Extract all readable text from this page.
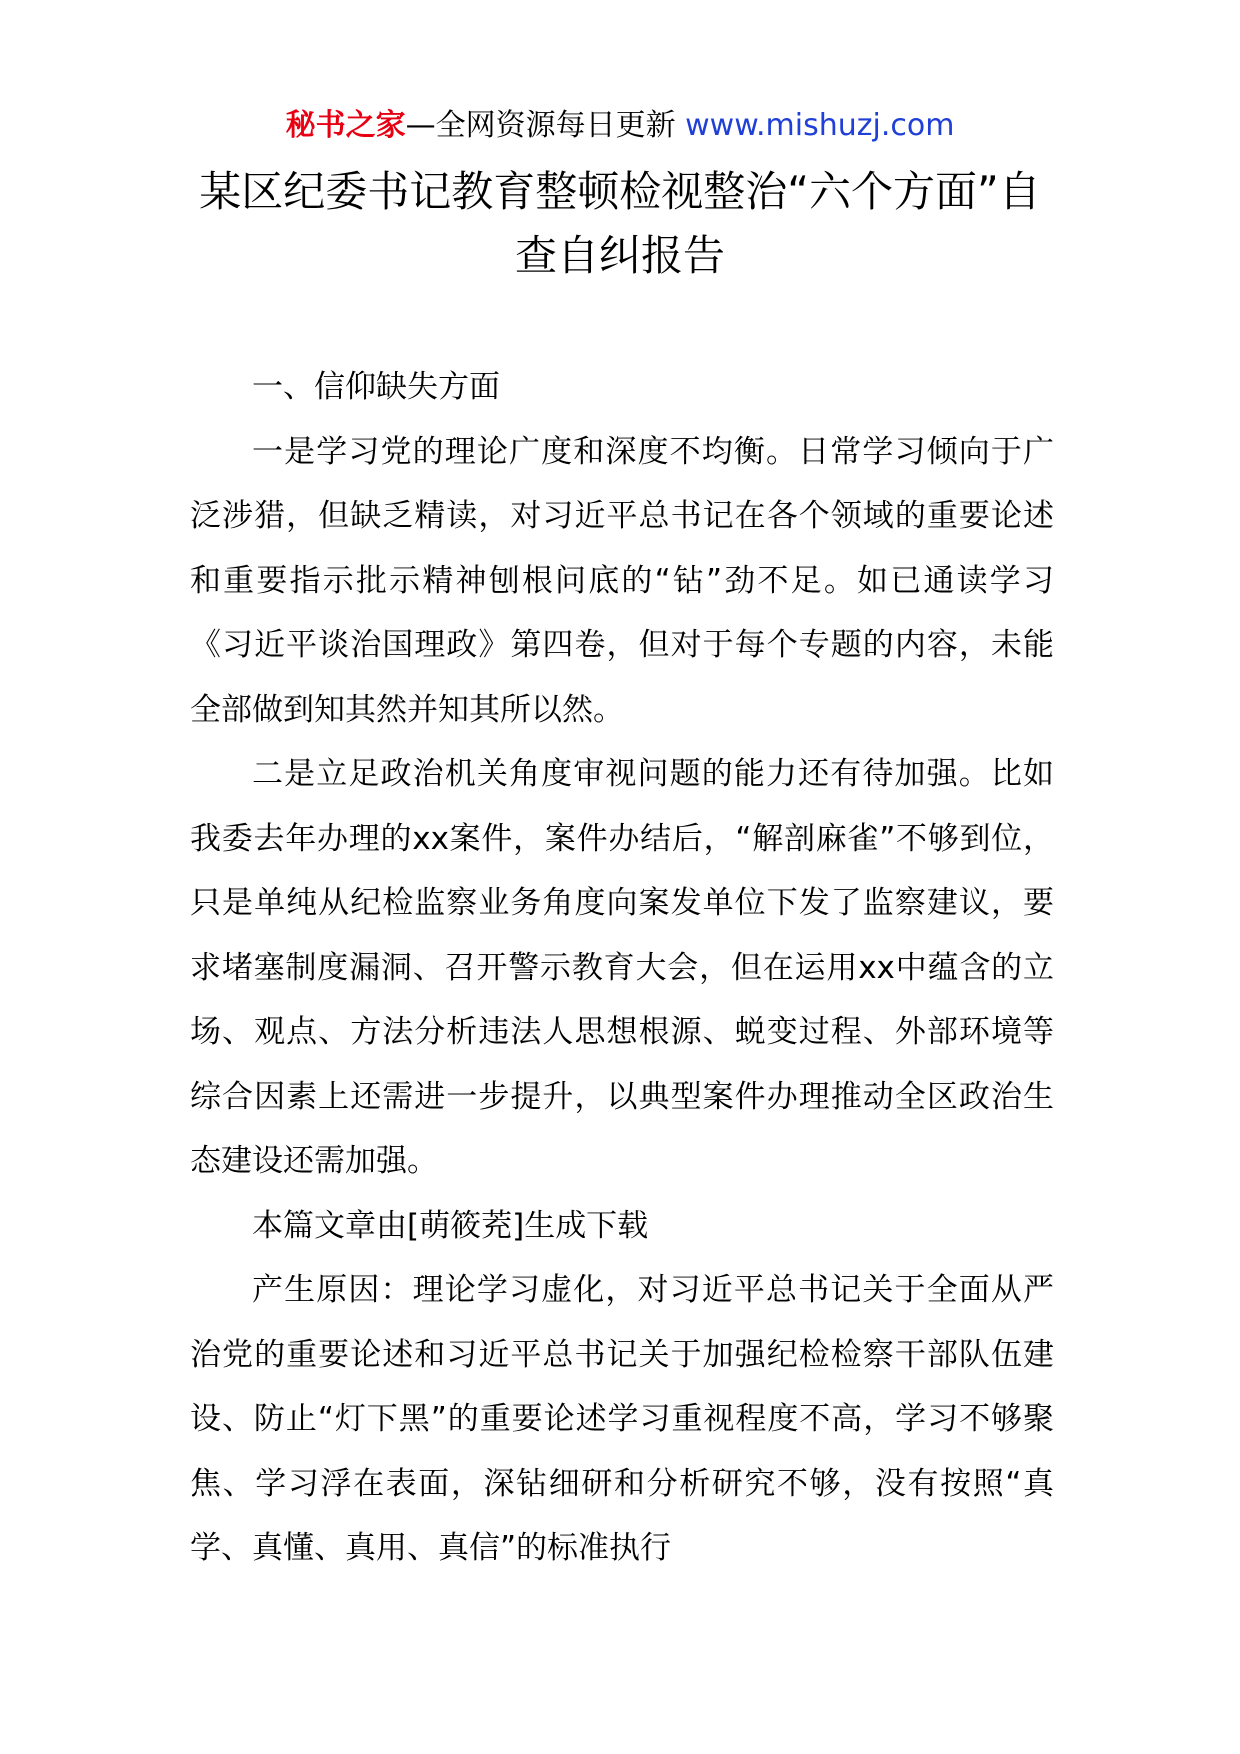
秘书之家—全网资源每日更新 www.mishuzj.com
某区纪委书记教育整顿检视整治“六个方面”自查自纠报告

一、信仰缺失方面

一是学习党的理论广度和深度不均衡。日常学习倾向于广泛涉猎，但缺乏精读，对习近平总书记在各个领域的重要论述和重要指示批示精神刨根问底的“钻”劲不足。如已通读学习《习近平谈治国理政》第四卷，但对于每个专题的内容，未能全部做到知其然并知其所以然。

二是立足政治机关角度审视问题的能力还有待加强。比如我委去年办理的xx案件，案件办结后，“解剖麻雀”不够到位，只是单纯从纪检监察业务角度向案发单位下发了监察建议，要求堵塞制度漏洞、召开警示教育大会，但在运用xx中蕴含的立场、观点、方法分析违法人思想根源、蜕变过程、外部环境等综合因素上还需进一步提升，以典型案件办理推动全区政治生态建设还需加强。

本篇文章由[萌筱茺]生成下载

产生原因：理论学习虚化，对习近平总书记关于全面从严治党的重要论述和习近平总书记关于加强纪检检察干部队伍建设、防止“灯下黑”的重要论述学习重视程度不高，学习不够聚焦、学习浮在表面，深钻细研和分析研究不够，没有按照“真学、真懂、真用、真信”的标准执行
